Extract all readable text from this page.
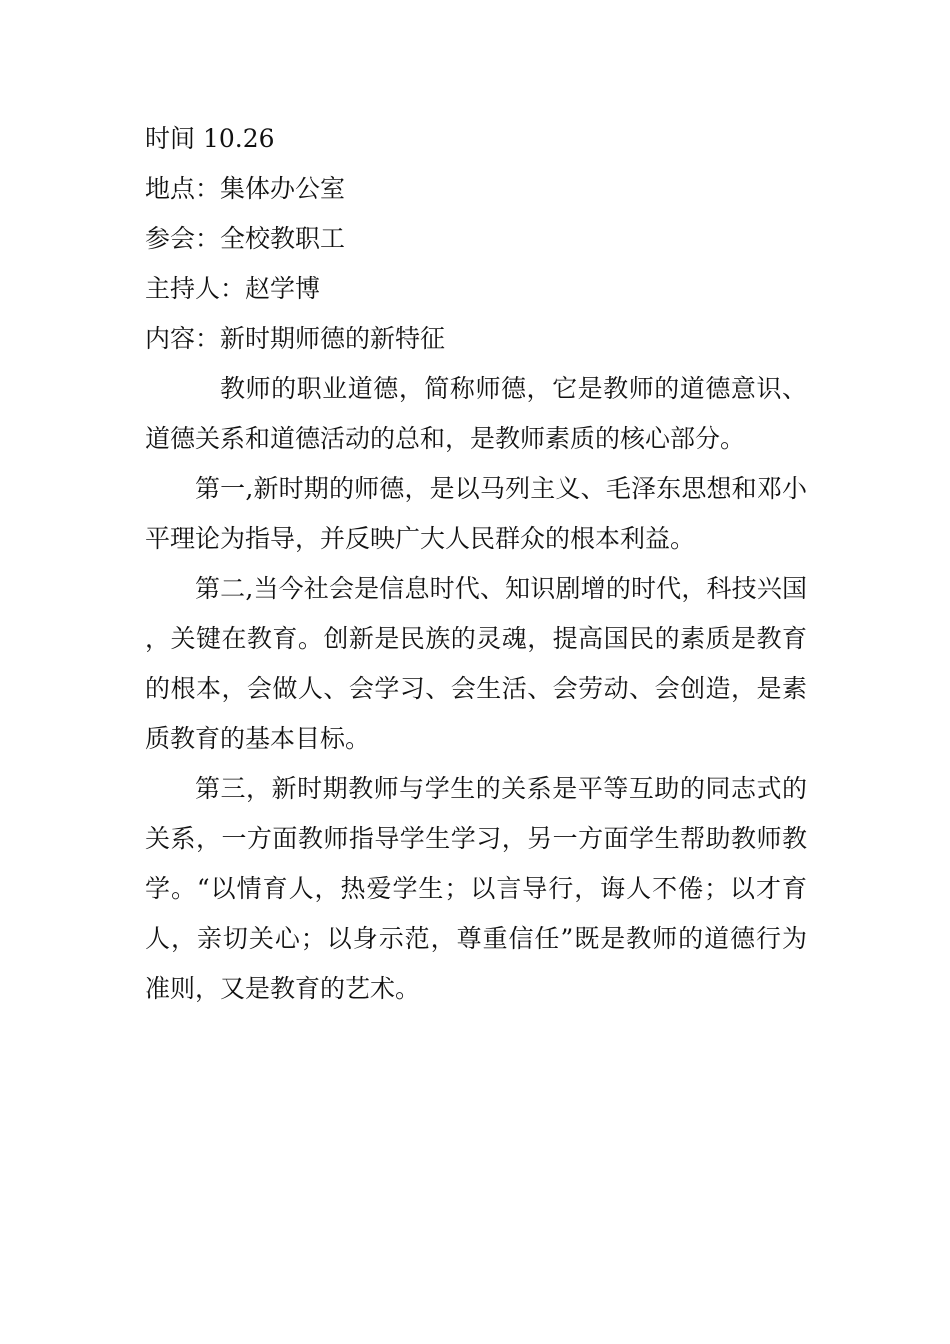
时间 10.26

地点：集体办公室

参会：全校教职工

主持人：赵学博

内容：新时期师德的新特征

教师的职业道德，简称师德，它是教师的道德意识、道德关系和道德活动的总和，是教师素质的核心部分。

第一,新时期的师德，是以马列主义、毛泽东思想和邓小平理论为指导，并反映广大人民群众的根本利益。

第二,当今社会是信息时代、知识剧增的时代，科技兴国，关键在教育。创新是民族的灵魂，提高国民的素质是教育的根本，会做人、会学习、会生活、会劳动、会创造，是素质教育的基本目标。

第三，新时期教师与学生的关系是平等互助的同志式的关系，一方面教师指导学生学习，另一方面学生帮助教师教学。“以情育人，热爱学生；以言导行，诲人不倦；以才育人，亲切关心；以身示范，尊重信任”既是教师的道德行为准则，又是教育的艺术。
